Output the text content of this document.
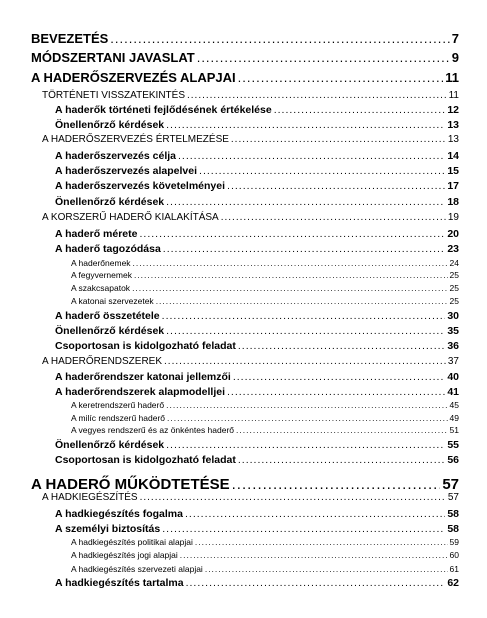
BEVEZETÉS .....	7
MÓDSZERTANI JAVASLAT .....	9
A HADERŐSZERVEZÉS ALAPJAI .....	11
TÖRTÉNETI VISSZATEKINTÉS .....	11
A haderők történeti fejlődésének értékelése .....	12
Önellenőrző kérdések .....	13
A HADERŐSZERVEZÉS ÉRTELMEZÉSE .....	13
A haderőszervezés célja .....	14
A haderőszervezés alapelvei .....	15
A haderőszervezés követelményei .....	17
Önellenőrző kérdések .....	18
A KORSZERŰ HADERŐ KIALAKÍTÁSA .....	19
A haderő mérete .....	20
A haderő tagozódása .....	23
A haderőnemek .....	24
A fegyvernemek .....	25
A szakcsapatok .....	25
A katonai szervezetek .....	25
A haderő összetétele .....	30
Önellenőrző kérdések .....	35
Csoportosan is kidolgozható feladat .....	36
A HADERŐRENDSZEREK .....	37
A haderőrendszer katonai jellemzői .....	40
A haderőrendszerek alapmodelljei .....	41
A keretrendszerű haderő .....	45
A milíc rendszerű haderő .....	49
A vegyes rendszerű és az önkéntes haderő .....	51
Önellenőrző kérdések .....	55
Csoportosan is kidolgozható feladat .....	56
A HADERŐ MŰKÖDTETÉSE .....	57
A HADKIEGÉSZÍTÉS .....	57
A hadkiegészítés fogalma .....	58
A személyi biztosítás .....	58
A hadkiegészítés politikai alapjai .....	59
A hadkiegészítés jogi alapjai .....	60
A hadkiegészítés szervezeti alapjai .....	61
A hadkiegészítés tartalma .....	62
